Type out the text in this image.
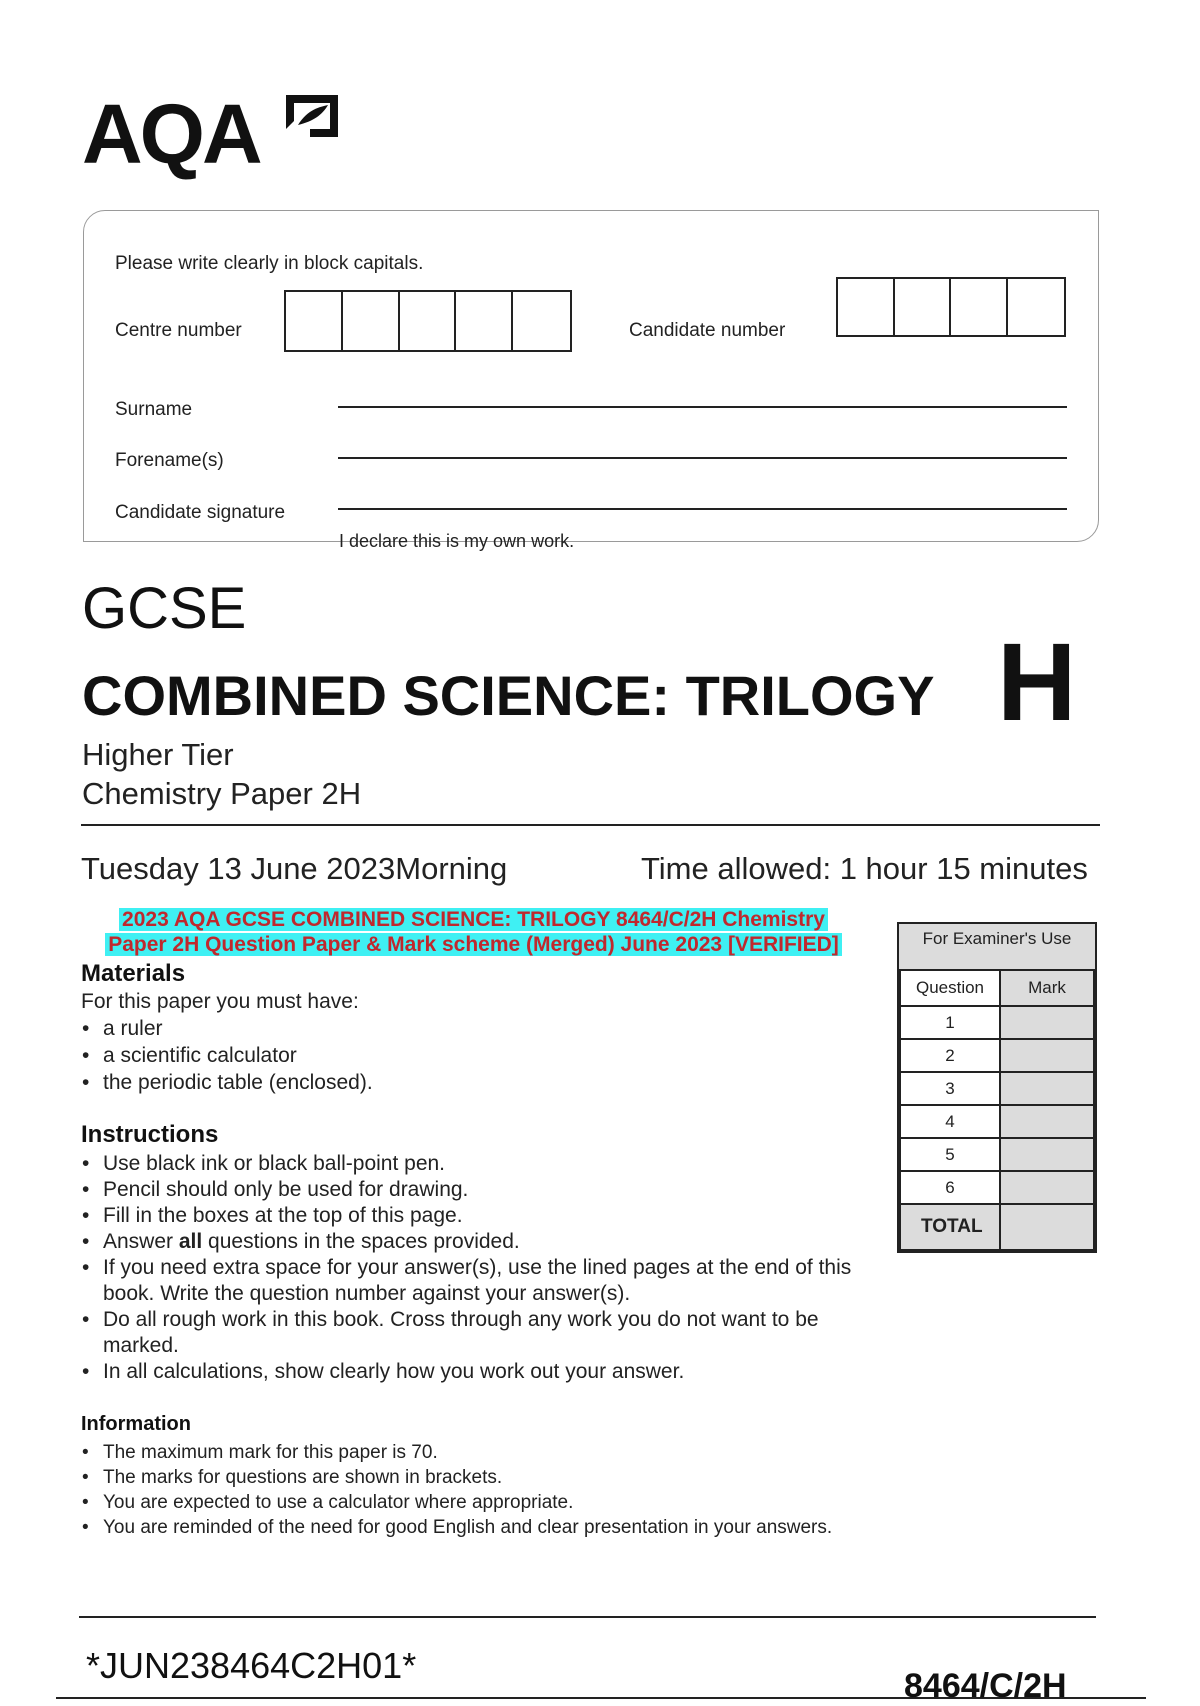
AQA
Please write clearly in block capitals.
Centre number	Candidate number
Surname
Forename(s)
Candidate signature
I declare this is my own work.
GCSE
COMBINED SCIENCE: TRILOGY H
Higher Tier
Chemistry Paper 2H
Tuesday 13 June 2023Morning	Time allowed: 1 hour 15 minutes
2023 AQA GCSE COMBINED SCIENCE: TRILOGY 8464/C/2H Chemistry
Paper 2H Question Paper & Mark scheme (Merged) June 2023 [VERIFIED]
Materials

For this paper you must have:

• a ruler
• a scientific calculator
• the periodic table (enclosed).
Instructions
• Use black ink or black ball-point pen.
• Pencil should only be used for drawing.
• Fill in the boxes at the top of this page.
• Answer all questions in the spaces provided.
• If you need extra space for your answer(s), use the lined pages at the end of this book. Write the question number against your answer(s).
• Do all rough work in this book. Cross through any work you do not want to be marked.
• In all calculations, show clearly how you work out your answer.
Information
• The maximum mark for this paper is 70.
• The marks for questions are shown in brackets.
• You are expected to use a calculator where appropriate.
• You are reminded of the need for good English and clear presentation in your answers.
For Examiner's Use
Question	Mark
1	
2	
3	
4	
5	
6	
TOTAL	
*JUN238464C2H01*	8464/C/2H
